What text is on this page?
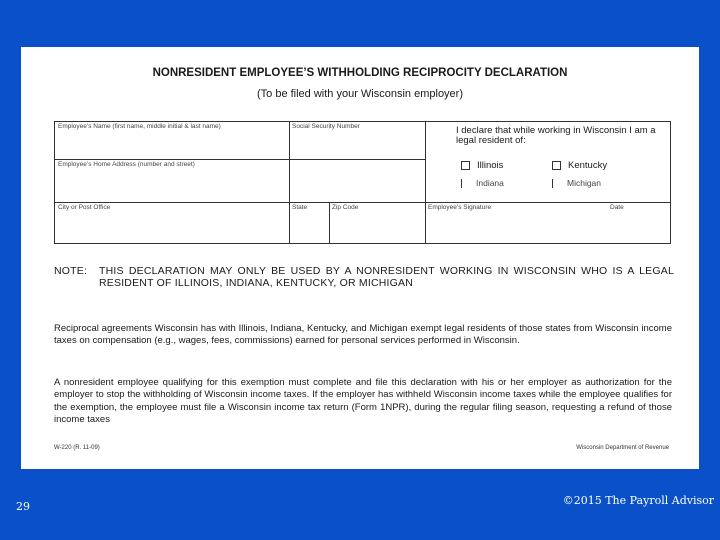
NONRESIDENT EMPLOYEE’S WITHHOLDING RECIPROCITY DECLARATION
(To be filed with your Wisconsin employer)
Employee’s Name (first name, middle initial & last name)	Social Security Number
Employee’s Home Address (number and street)
City or Post Office	State	Zip Code	Employee’s Signature	Date
I declare that while working in Wisconsin I am a legal resident of:
Illinois	Kentucky
Indiana	Michigan
NOTE: THIS DECLARATION MAY ONLY BE USED BY A NONRESIDENT WORKING IN WISCONSIN WHO IS A LEGAL RESIDENT OF ILLINOIS, INDIANA, KENTUCKY, OR MICHIGAN
Reciprocal agreements Wisconsin has with Illinois, Indiana, Kentucky, and Michigan exempt legal residents of those states from Wisconsin income taxes on compensation (e.g., wages, fees, commissions) earned for personal services performed in Wisconsin.
A nonresident employee qualifying for this exemption must complete and file this declaration with his or her employer as authorization for the employer to stop the withholding of Wisconsin income taxes. If the employer has withheld Wisconsin income taxes while the employee qualifies for the exemption, the employee must file a Wisconsin income tax return (Form 1NPR), during the regular filing season, requesting a refund of those income taxes
W-220 (R. 11-09)	Wisconsin Department of Revenue
29	©2015 The Payroll Advisor
